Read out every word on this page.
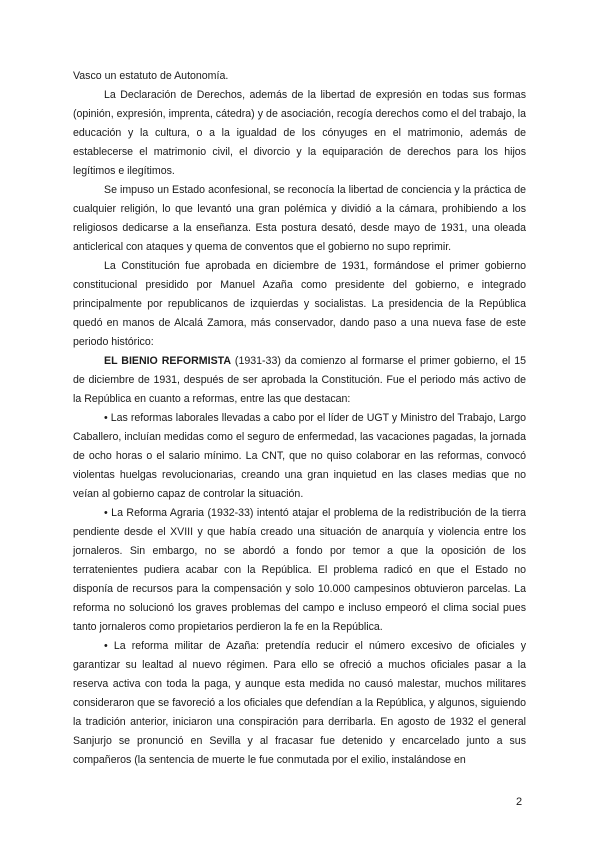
Vasco un estatuto de Autonomía.

La Declaración de Derechos, además de la libertad de expresión en todas sus formas (opinión, expresión, imprenta, cátedra) y de asociación, recogía derechos como el del trabajo, la educación y la cultura, o a la igualdad de los cónyuges en el matrimonio, además de establecerse el matrimonio civil, el divorcio y la equiparación de derechos para los hijos legítimos e ilegítimos.

Se impuso un Estado aconfesional, se reconocía la libertad de conciencia y la práctica de cualquier religión, lo que levantó una gran polémica y dividió a la cámara, prohibiendo a los religiosos dedicarse a la enseñanza. Esta postura desató, desde mayo de 1931, una oleada anticlerical con ataques y quema de conventos que el gobierno no supo reprimir.

La Constitución fue aprobada en diciembre de 1931, formándose el primer gobierno constitucional presidido por Manuel Azaña como presidente del gobierno, e integrado principalmente por republicanos de izquierdas y socialistas. La presidencia de la República quedó en manos de Alcalá Zamora, más conservador, dando paso a una nueva fase de este periodo histórico:

EL BIENIO REFORMISTA (1931-33) da comienzo al formarse el primer gobierno, el 15 de diciembre de 1931, después de ser aprobada la Constitución. Fue el periodo más activo de la República en cuanto a reformas, entre las que destacan:

• Las reformas laborales llevadas a cabo por el líder de UGT y Ministro del Trabajo, Largo Caballero, incluían medidas como el seguro de enfermedad, las vacaciones pagadas, la jornada de ocho horas o el salario mínimo. La CNT, que no quiso colaborar en las reformas, convocó violentas huelgas revolucionarias, creando una gran inquietud en las clases medias que no veían al gobierno capaz de controlar la situación.

• La Reforma Agraria (1932-33) intentó atajar el problema de la redistribución de la tierra pendiente desde el XVIII y que había creado una situación de anarquía y violencia entre los jornaleros. Sin embargo, no se abordó a fondo por temor a que la oposición de los terratenientes pudiera acabar con la República. El problema radicó en que el Estado no disponía de recursos para la compensación y solo 10.000 campesinos obtuvieron parcelas. La reforma no solucionó los graves problemas del campo e incluso empeoró el clima social pues tanto jornaleros como propietarios perdieron la fe en la República.

• La reforma militar de Azaña: pretendía reducir el número excesivo de oficiales y garantizar su lealtad al nuevo régimen. Para ello se ofreció a muchos oficiales pasar a la reserva activa con toda la paga, y aunque esta medida no causó malestar, muchos militares consideraron que se favoreció a los oficiales que defendían a la República, y algunos, siguiendo la tradición anterior, iniciaron una conspiración para derribarla. En agosto de 1932 el general Sanjurjo se pronunció en Sevilla y al fracasar fue detenido y encarcelado junto a sus compañeros (la sentencia de muerte le fue conmutada por el exilio, instalándose en

2
